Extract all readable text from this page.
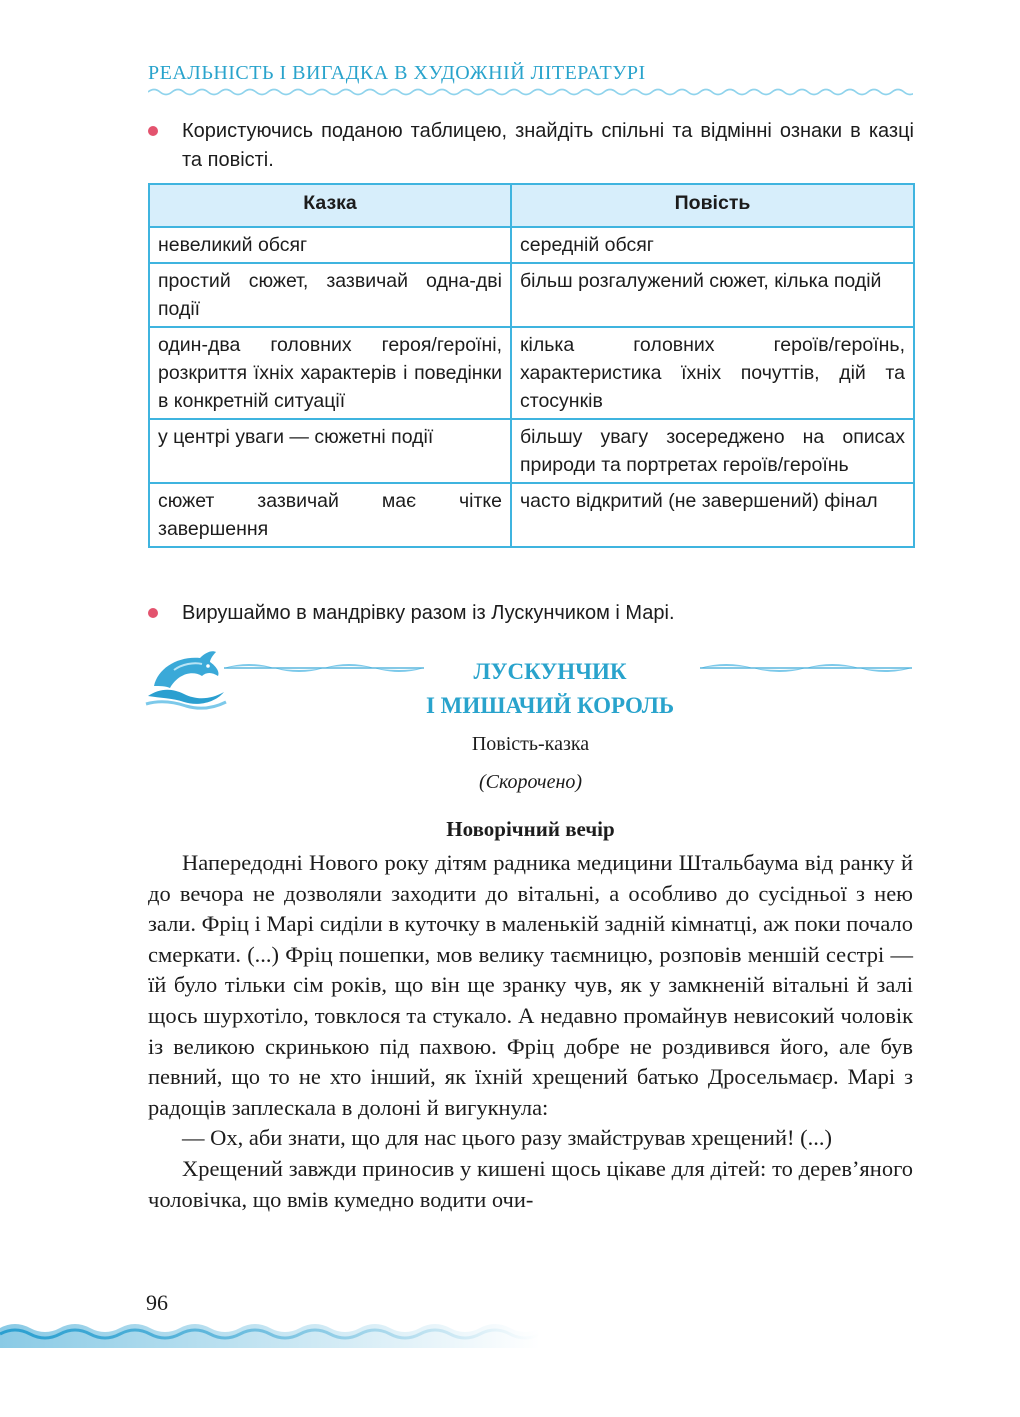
РЕАЛЬНІСТЬ І ВИГАДКА В ХУДОЖНІЙ ЛІТЕРАТУРІ
Користуючись поданою таблицею, знайдіть спільні та відмінні ознаки в казці та повісті.
Казка	Повість
невеликий обсяг	середній обсяг
простий сюжет, зазвичай одна-дві події	більш розгалужений сюжет, кілька подій
один-два головних героя/героїні, розкриття їхніх характерів і поведінки в конкретній ситуації	кілька головних героїв/героїнь, характеристика їхніх почуттів, дій та стосунків
у центрі уваги — сюжетні події	більшу увагу зосереджено на описах природи та портретах героїв/героїнь
сюжет зазвичай має чітке завершення	часто відкритий (не завершений) фінал
Вирушаймо в мандрівку разом із Лускунчиком і Марі.
ЛУСКУНЧИК
І МИШАЧИЙ КОРОЛЬ
Повість-казка
(Скорочено)
Новорічний вечір

Напередодні Нового року дітям радника медицини Штальбаума від ранку й до вечора не дозволяли заходити до вітальні, а особливо до сусідньої з нею зали. Фріц і Марі сиділи в куточку в маленькій задній кімнатці, аж поки почало смеркати. (...) Фріц пошепки, мов велику таємницю, розповів меншій сестрі — їй було тільки сім років, що він ще зранку чув, як у замкненій вітальні й залі щось шурхотіло, товклося та стукало. А недавно промайнув невисокий чоловік із великою скринькою під пахвою. Фріц добре не роздивився його, але був певний, що то не хто інший, як їхній хрещений батько Дросельмаєр. Марі з радощів заплескала в долоні й вигукнула:

— Ох, аби знати, що для нас цього разу змайстрував хрещений! (...)

Хрещений завжди приносив у кишені щось цікаве для дітей: то дерев’яного чоловічка, що вмів кумедно водити очи-

96
